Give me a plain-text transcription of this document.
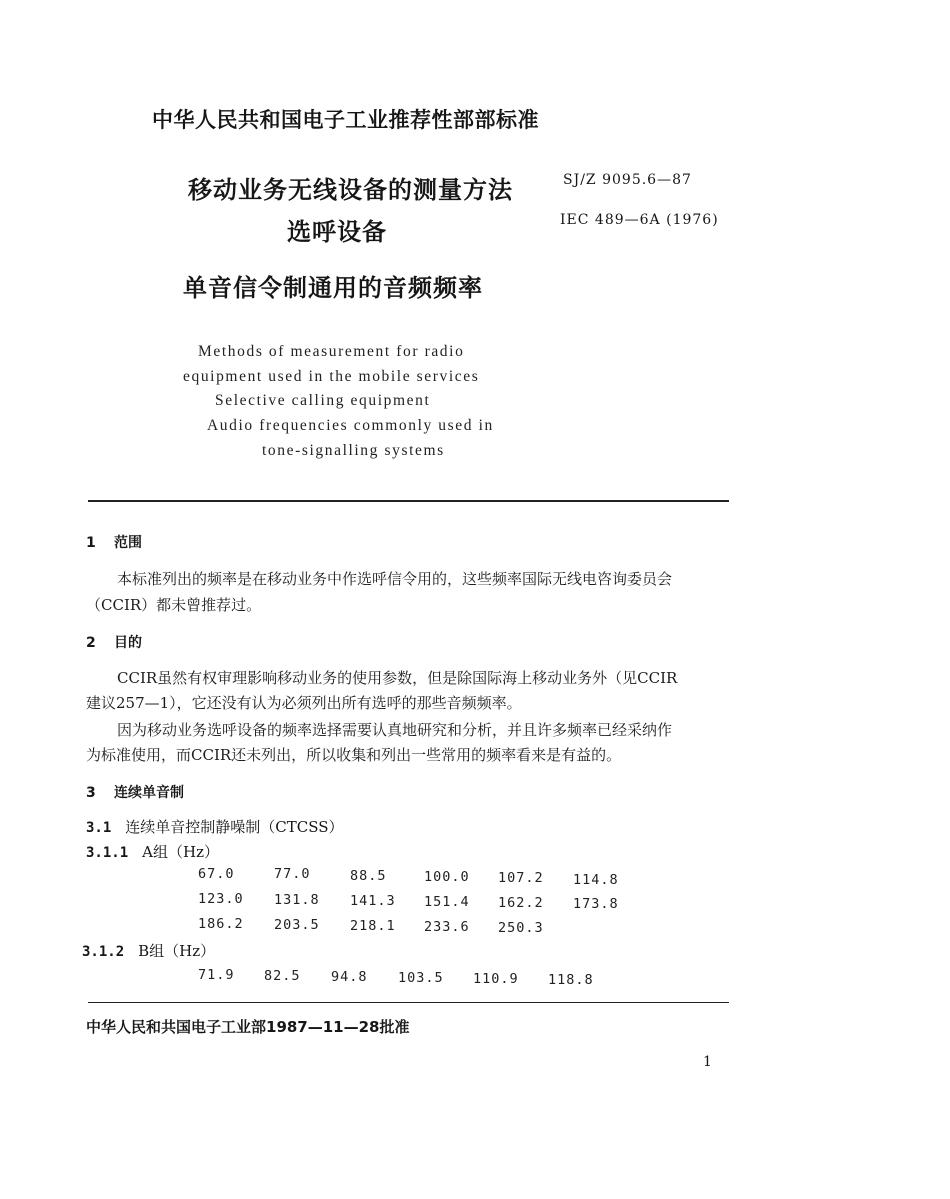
中华人民共和国电子工业推荐性部部标准
移动业务无线设备的测量方法
选呼设备
单音信令制通用的音频频率
SJ/Z 9095.6—87
IEC 489—6A (1976)
Methods of measurement for radio
equipment used in the mobile services
Selective calling equipment
Audio frequencies commonly used in
tone-signalling systems
1 范围
本标准列出的频率是在移动业务中作选呼信令用的，这些频率国际无线电咨询委员会
（CCIR）都未曾推荐过。
2 目的
CCIR虽然有权审理影响移动业务的使用参数，但是除国际海上移动业务外（见CCIR
建议257—1），它还没有认为必须列出所有选呼的那些音频频率。
因为移动业务选呼设备的频率选择需要认真地研究和分析，并且许多频率已经采纳作
为标准使用，而CCIR还未列出，所以收集和列出一些常用的频率看来是有益的。
3 连续单音制
3.1 连续单音控制静噪制（CTCSS）
3.1.1 A组（Hz）
67.0	77.0	88.5	100.0 107.2 114.8
123.0 131.8 141.3 151.4 162.2 173.8
186.2 203.5 218.1 233.6 250.3
3.1.2 B组（Hz）
71.9 82.5 94.8 103.5 110.9 118.8
中华人民和共国电子工业部1987—11—28批准
1
